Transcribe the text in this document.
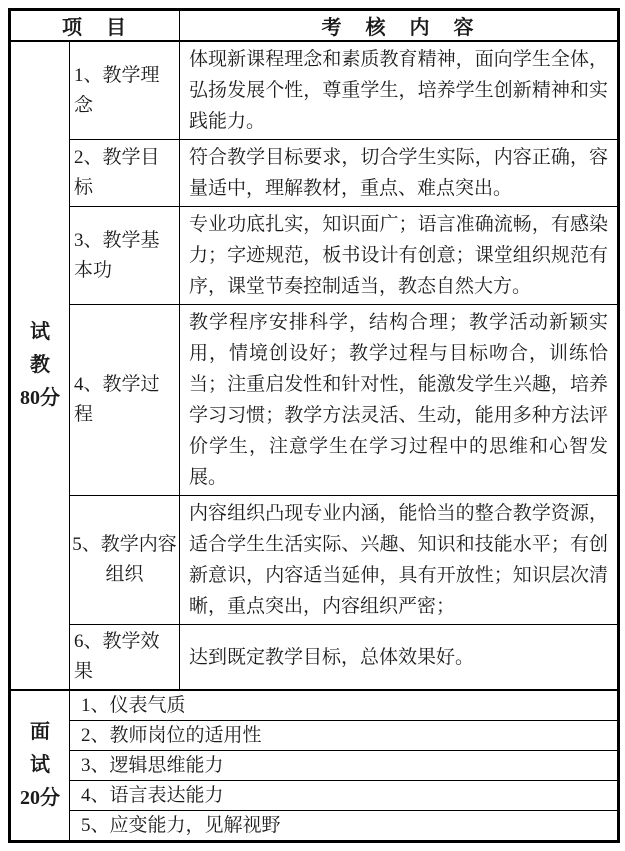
项　目		考　核　内　容

试
教
80分	1、教学理念	体现新课程理念和素质教育精神，面向学生全体，弘扬发展个性，尊重学生，培养学生创新精神和实践能力。
	2、教学目标	符合教学目标要求，切合学生实际，内容正确，容量适中，理解教材，重点、难点突出。
	3、教学基本功	专业功底扎实，知识面广；语言准确流畅，有感染力；字迹规范，板书设计有创意；课堂组织规范有序，课堂节奏控制适当，教态自然大方。
	4、教学过程	教学程序安排科学，结构合理；教学活动新颖实用，情境创设好；教学过程与目标吻合，训练恰当；注重启发性和针对性，能激发学生兴趣，培养学习习惯；教学方法灵活、生动，能用多种方法评价学生，注意学生在学习过程中的思维和心智发展。
	5、教学内容组织	内容组织凸现专业内涵，能恰当的整合教学资源，适合学生生活实际、兴趣、知识和技能水平；有创新意识，内容适当延伸，具有开放性；知识层次清晰，重点突出，内容组织严密；
	6、教学效果	达到既定教学目标，总体效果好。

面
试
20分	1、仪表气质	
	2、教师岗位的适用性	
	3、逻辑思维能力	
	4、语言表达能力	
	5、应变能力，见解视野	
